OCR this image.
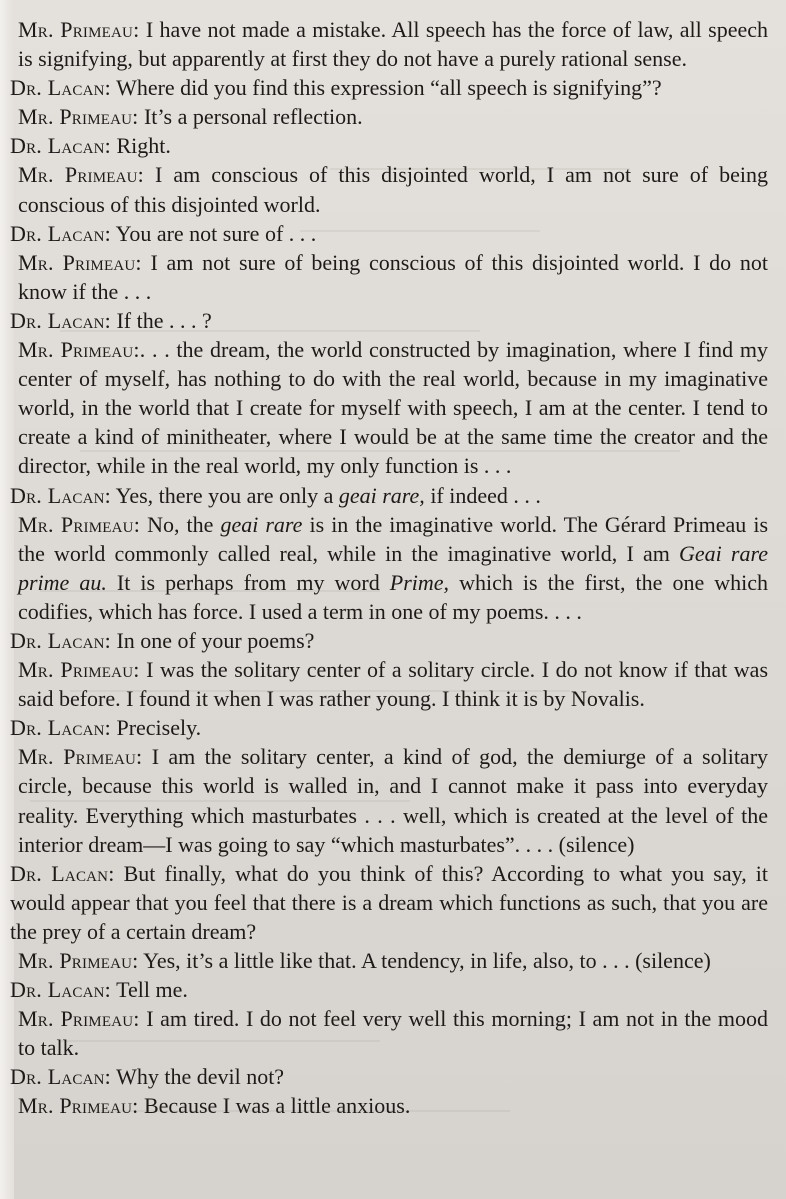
Mr. Primeau: I have not made a mistake. All speech has the force of law, all speech is signifying, but apparently at first they do not have a purely rational sense.

Dr. Lacan: Where did you find this expression “all speech is signifying”?

Mr. Primeau: It’s a personal reflection.

Dr. Lacan: Right.

Mr. Primeau: I am conscious of this disjointed world, I am not sure of being conscious of this disjointed world.

Dr. Lacan: You are not sure of . . .

Mr. Primeau: I am not sure of being conscious of this disjointed world. I do not know if the . . .

Dr. Lacan: If the . . . ?

Mr. Primeau:. . . the dream, the world constructed by imagination, where I find my center of myself, has nothing to do with the real world, because in my imaginative world, in the world that I create for myself with speech, I am at the center. I tend to create a kind of minitheater, where I would be at the same time the creator and the director, while in the real world, my only function is . . .

Dr. Lacan: Yes, there you are only a geai rare, if indeed . . .

Mr. Primeau: No, the geai rare is in the imaginative world. The Gérard Primeau is the world commonly called real, while in the imaginative world, I am Geai rare prime au. It is perhaps from my word Prime, which is the first, the one which codifies, which has force. I used a term in one of my poems. . . .

Dr. Lacan: In one of your poems?

Mr. Primeau: I was the solitary center of a solitary circle. I do not know if that was said before. I found it when I was rather young. I think it is by Novalis.

Dr. Lacan: Precisely.

Mr. Primeau: I am the solitary center, a kind of god, the demiurge of a solitary circle, because this world is walled in, and I cannot make it pass into everyday reality. Everything which masturbates . . . well, which is created at the level of the interior dream—I was going to say “which masturbates”. . . . (silence)

Dr. Lacan: But finally, what do you think of this? According to what you say, it would appear that you feel that there is a dream which functions as such, that you are the prey of a certain dream?

Mr. Primeau: Yes, it’s a little like that. A tendency, in life, also, to . . . (silence)

Dr. Lacan: Tell me.

Mr. Primeau: I am tired. I do not feel very well this morning; I am not in the mood to talk.

Dr. Lacan: Why the devil not?

Mr. Primeau: Because I was a little anxious.
